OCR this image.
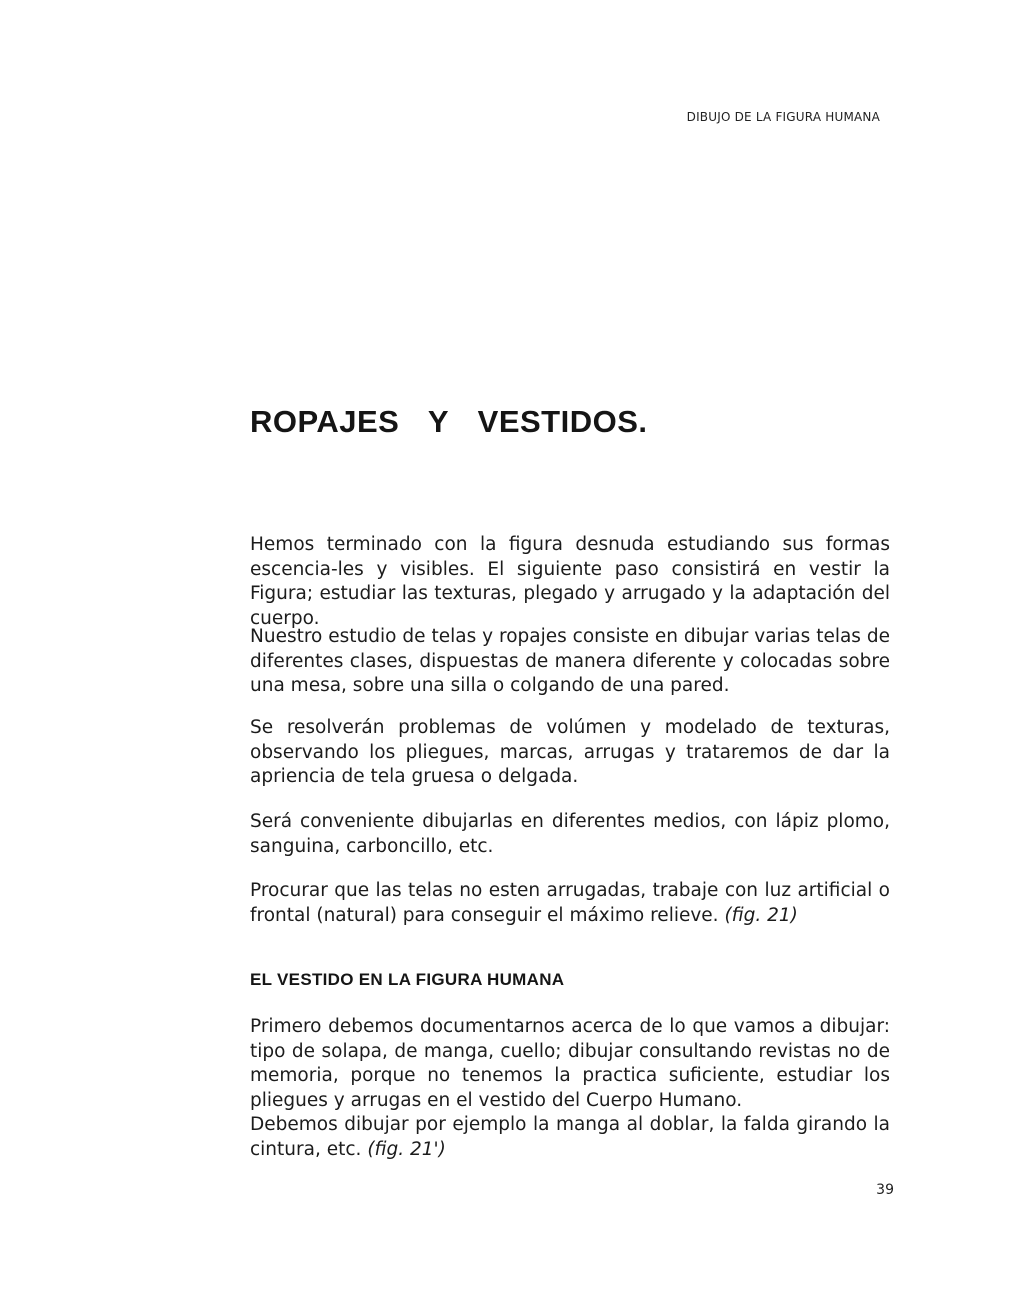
DIBUJO DE LA FIGURA HUMANA
ROPAJES Y VESTIDOS.

Hemos terminado con la figura desnuda estudiando sus formas escencia-les y visibles. El siguiente paso consistirá en vestir la Figura; estudiar las texturas, plegado y arrugado y la adaptación del cuerpo.

Nuestro estudio de telas y ropajes consiste en dibujar varias telas de diferentes clases, dispuestas de manera diferente y colocadas sobre una mesa, sobre una silla o colgando de una pared.

Se resolverán problemas de volúmen y modelado de texturas, observando los pliegues, marcas, arrugas y trataremos de dar la apriencia de tela gruesa o delgada.

Será conveniente dibujarlas en diferentes medios, con lápiz plomo, sanguina, carboncillo, etc.

Procurar que las telas no esten arrugadas, trabaje con luz artificial o frontal (natural) para conseguir el máximo relieve. (fig. 21)

EL VESTIDO EN LA FIGURA HUMANA

Primero debemos documentarnos acerca de lo que vamos a dibujar: tipo de solapa, de manga, cuello; dibujar consultando revistas no de memoria, porque no tenemos la practica suficiente, estudiar los pliegues y arrugas en el vestido del Cuerpo Humano.

Debemos dibujar por ejemplo la manga al doblar, la falda girando la cintura, etc. (fig. 21')

39
